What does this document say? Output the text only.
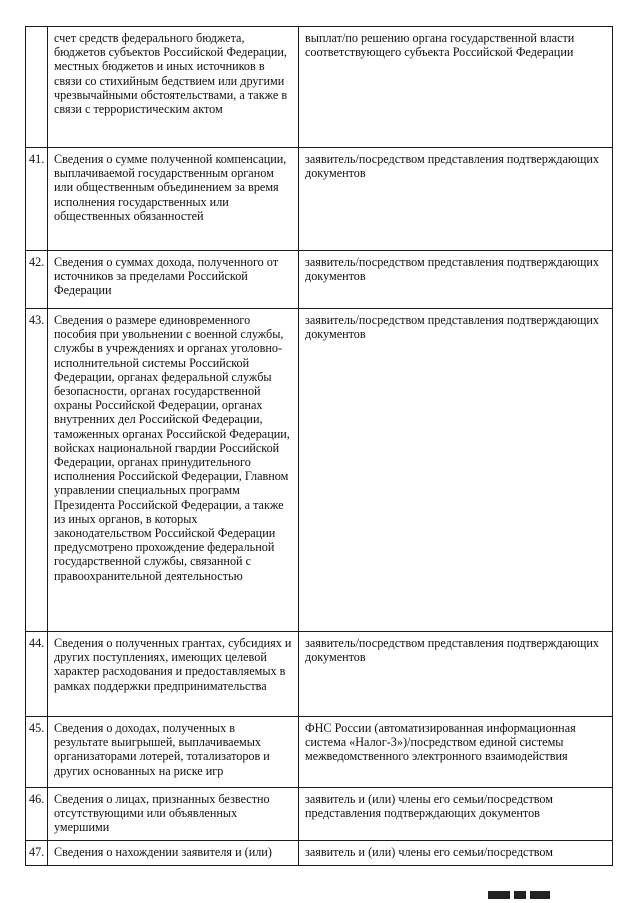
	счет средств федерального бюджета, бюджетов субъектов Российской Федерации, местных бюджетов и иных источников в связи со стихийным бедствием или другими чрезвычайными обстоятельствами, а также в связи с террористическим актом	выплат/по решению органа государственной власти соответствующего субъекта Российской Федерации
41.	Сведения о сумме полученной компенсации, выплачиваемой государственным органом или общественным объединением за время исполнения государственных или общественных обязанностей	заявитель/посредством представления подтверждающих документов
42.	Сведения о суммах дохода, полученного от источников за пределами Российской Федерации	заявитель/посредством представления подтверждающих документов
43.	Сведения о размере единовременного пособия при увольнении с военной службы, службы в учреждениях и органах уголовно-исполнительной системы Российской Федерации, органах федеральной службы безопасности, органах государственной охраны Российской Федерации, органах внутренних дел Российской Федерации, таможенных органах Российской Федерации, войсках национальной гвардии Российской Федерации, органах принудительного исполнения Российской Федерации, Главном управлении специальных программ Президента Российской Федерации, а также из иных органов, в которых законодательством Российской Федерации предусмотрено прохождение федеральной государственной службы, связанной с правоохранительной деятельностью	заявитель/посредством представления подтверждающих документов
44.	Сведения о полученных грантах, субсидиях и других поступлениях, имеющих целевой характер расходования и предоставляемых в рамках поддержки предпринимательства	заявитель/посредством представления подтверждающих документов
45.	Сведения о доходах, полученных в результате выигрышей, выплачиваемых организаторами лотерей, тотализаторов и других основанных на риске игр	ФНС России (автоматизированная информационная система «Налог-3»)/посредством единой системы межведомственного электронного взаимодействия
46.	Сведения о лицах, признанных безвестно отсутствующими или объявленных умершими	заявитель и (или) члены его семьи/посредством представления подтверждающих документов
47.	Сведения о нахождении заявителя и (или)	заявитель и (или) члены его семьи/посредством
